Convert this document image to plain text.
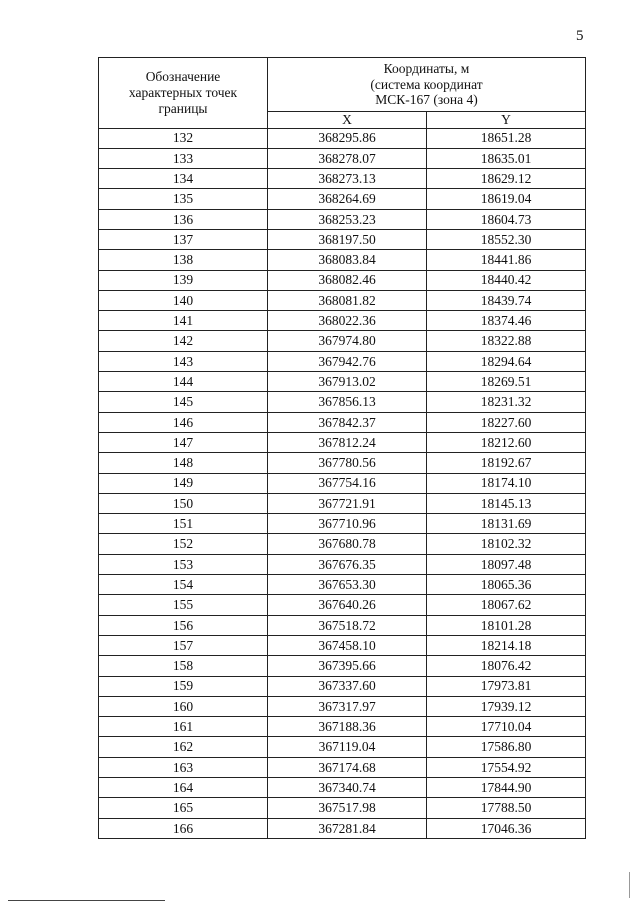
5
Обозначение
характерных точек
границы	Координаты, м
(система координат
МСК-167 (зона 4)	

	X	Y
132	368295.86	18651.28
133	368278.07	18635.01
134	368273.13	18629.12
135	368264.69	18619.04
136	368253.23	18604.73
137	368197.50	18552.30
138	368083.84	18441.86
139	368082.46	18440.42
140	368081.82	18439.74
141	368022.36	18374.46
142	367974.80	18322.88
143	367942.76	18294.64
144	367913.02	18269.51
145	367856.13	18231.32
146	367842.37	18227.60
147	367812.24	18212.60
148	367780.56	18192.67
149	367754.16	18174.10
150	367721.91	18145.13
151	367710.96	18131.69
152	367680.78	18102.32
153	367676.35	18097.48
154	367653.30	18065.36
155	367640.26	18067.62
156	367518.72	18101.28
157	367458.10	18214.18
158	367395.66	18076.42
159	367337.60	17973.81
160	367317.97	17939.12
161	367188.36	17710.04
162	367119.04	17586.80
163	367174.68	17554.92
164	367340.74	17844.90
165	367517.98	17788.50
166	367281.84	17046.36
